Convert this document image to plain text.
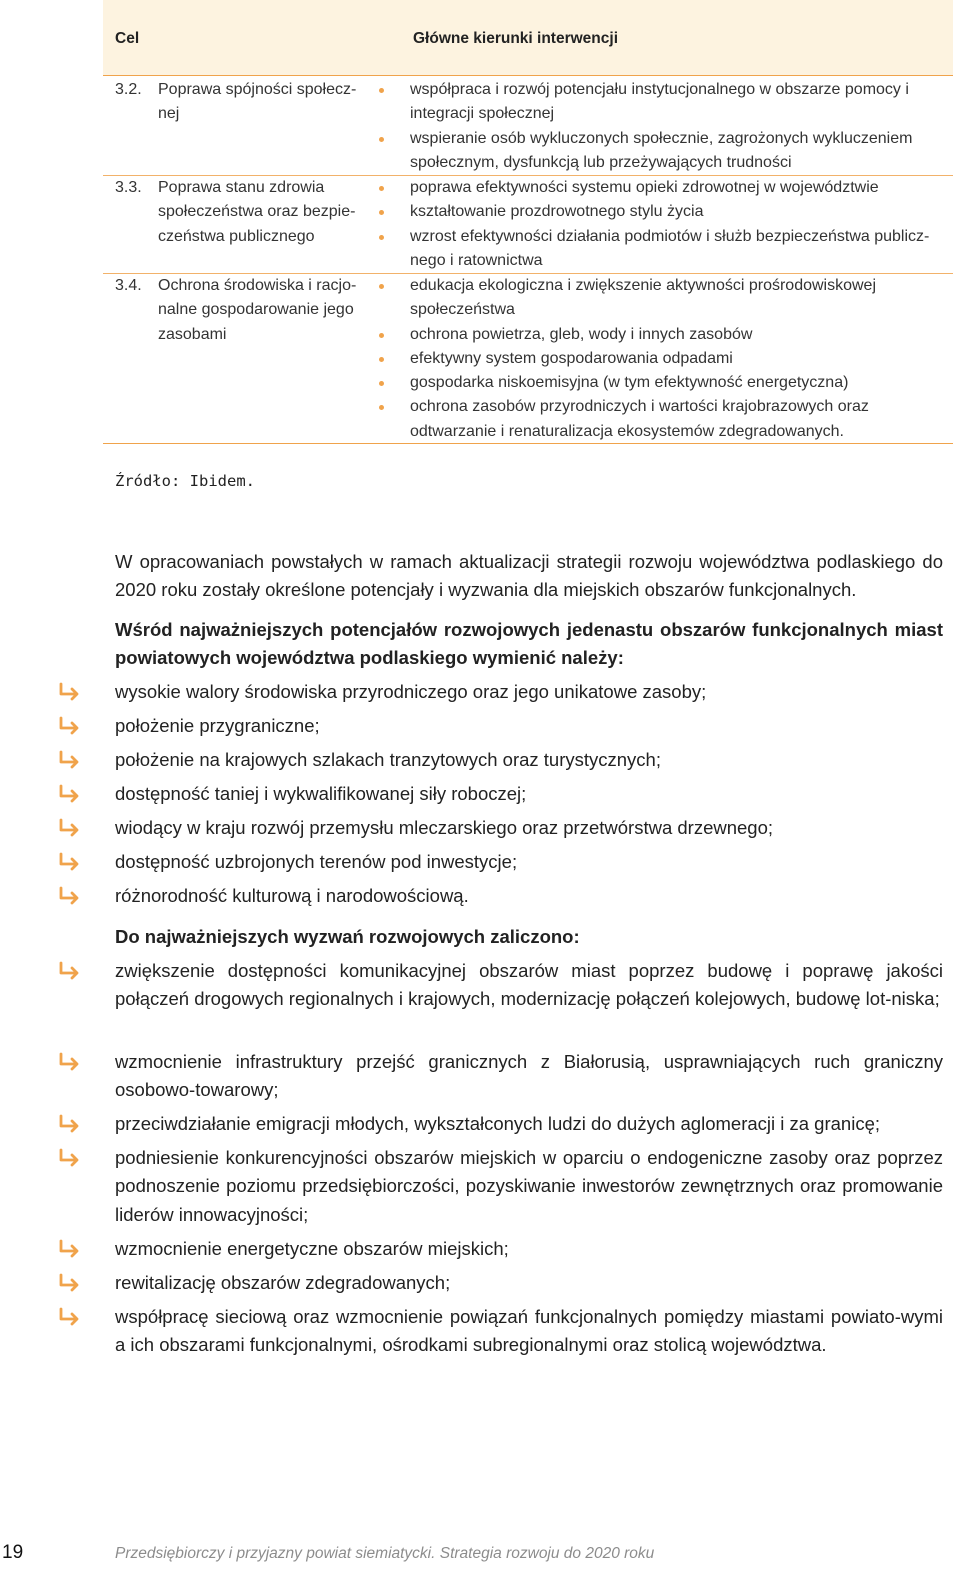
Cel	Główne kierunki interwencji
3.2. Poprawa spójności społecz-
nej
współpraca i rozwój potencjału instytucjonalnego w obszarze pomocy i integracji społecznej
wspieranie osób wykluczonych społecznie, zagrożonych wykluczeniem społecznym, dysfunkcją lub przeżywających trudności
3.3. Poprawa stanu zdrowia
społeczeństwa oraz bezpie-
czeństwa publicznego
poprawa efektywności systemu opieki zdrowotnej w województwie
kształtowanie prozdrowotnego stylu życia
wzrost efektywności działania podmiotów i służb bezpieczeństwa publicz-nego i ratownictwa
3.4. Ochrona środowiska i racjo-
nalne gospodarowanie jego
zasobami
edukacja ekologiczna i zwiększenie aktywności prośrodowiskowej społeczeństwa
ochrona powietrza, gleb, wody i innych zasobów
efektywny system gospodarowania odpadami
gospodarka niskoemisyjna (w tym efektywność energetyczna)
ochrona zasobów przyrodniczych i wartości krajobrazowych oraz odtwarzanie i renaturalizacja ekosystemów zdegradowanych.
Źródło: Ibidem.

W opracowaniach powstałych w ramach aktualizacji strategii rozwoju województwa podlaskiego do 2020 roku zostały określone potencjały i wyzwania dla miejskich obszarów funkcjonalnych.

Wśród najważniejszych potencjałów rozwojowych jedenastu obszarów funkcjonalnych miast powiatowych województwa podlaskiego wymienić należy:

wysokie walory środowiska przyrodniczego oraz jego unikatowe zasoby;
położenie przygraniczne;
położenie na krajowych szlakach tranzytowych oraz turystycznych;
dostępność taniej i wykwalifikowanej siły roboczej;
wiodący w kraju rozwój przemysłu mleczarskiego oraz przetwórstwa drzewnego;
dostępność uzbrojonych terenów pod inwestycje;
różnorodność kulturową i narodowościową.

Do najważniejszych wyzwań rozwojowych zaliczono:

zwiększenie dostępności komunikacyjnej obszarów miast poprzez budowę i poprawę jakości połączeń drogowych regionalnych i krajowych, modernizację połączeń kolejowych, budowę lot-niska;
wzmocnienie infrastruktury przejść granicznych z Białorusią, usprawniających ruch graniczny osobowo-towarowy;
przeciwdziałanie emigracji młodych, wykształconych ludzi do dużych aglomeracji i za granicę;
podniesienie konkurencyjności obszarów miejskich w oparciu o endogeniczne zasoby oraz poprzez podnoszenie poziomu przedsiębiorczości, pozyskiwanie inwestorów zewnętrznych oraz promowanie liderów innowacyjności;
wzmocnienie energetyczne obszarów miejskich;
rewitalizację obszarów zdegradowanych;
współpracę sieciową oraz wzmocnienie powiązań funkcjonalnych pomiędzy miastami powiato-wymi a ich obszarami funkcjonalnymi, ośrodkami subregionalnymi oraz stolicą województwa.
19	Przedsiębiorczy i przyjazny powiat siemiatycki. Strategia rozwoju do 2020 roku
